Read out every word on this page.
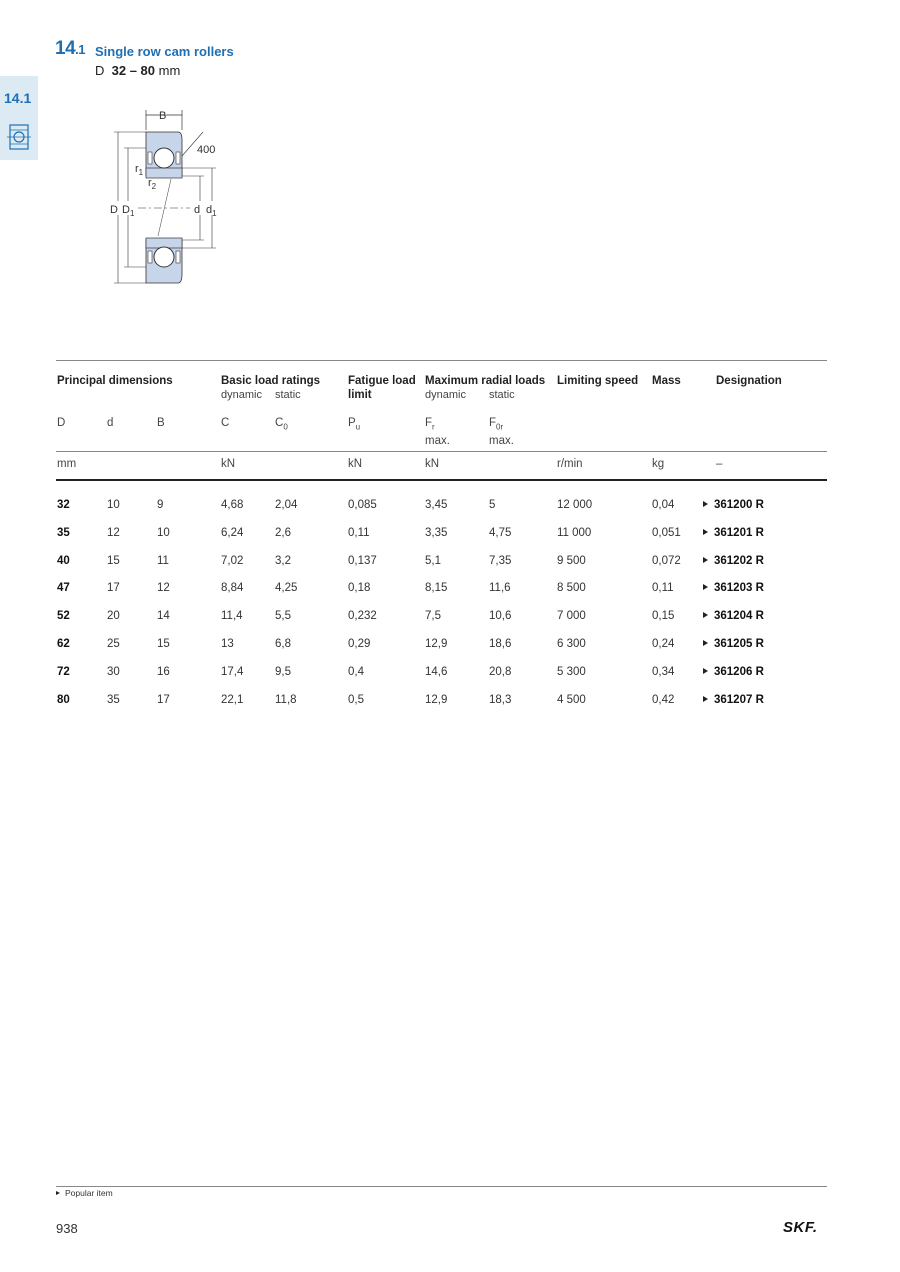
14.1 Single row cam rollers
D 32 – 80 mm
14.1
B
400
D $D_1$
$r_1$
$r_2$
d $d_1$
Principal dimensions	Basic load ratings
dynamic static
Fatigue load
limit
Maximum radial loads
dynamic static
Limiting speed Mass	Designation
D	d	B	C	$C_0$	$P_u$	$F_r$
max.
$F_{0r}$
max.
mm	kN	kN	kN	r/min	kg	–
32	10	9	4,68	2,04	0,085	3,45	5	12 000	0,04	361200 R
35	12	10	6,24	2,6	0,11	3,35	4,75	11 000	0,051	361201 R
40	15	11	7,02	3,2	0,137	5,1	7,35	9 500	0,072	361202 R
47	17	12	8,84	4,25	0,18	8,15	11,6	8 500	0,11	361203 R
52	20	14	11,4	5,5	0,232	7,5	10,6	7 000	0,15	361204 R
62	25	15	13	6,8	0,29	12,9	18,6	6 300	0,24	361205 R
72	30	16	17,4	9,5	0,4	14,6	20,8	5 300	0,34	361206 R
80	35	17	22,1	11,8	0,5	12,9	18,3	4 500	0,42	361207 R
Popular item
938	SKF.
